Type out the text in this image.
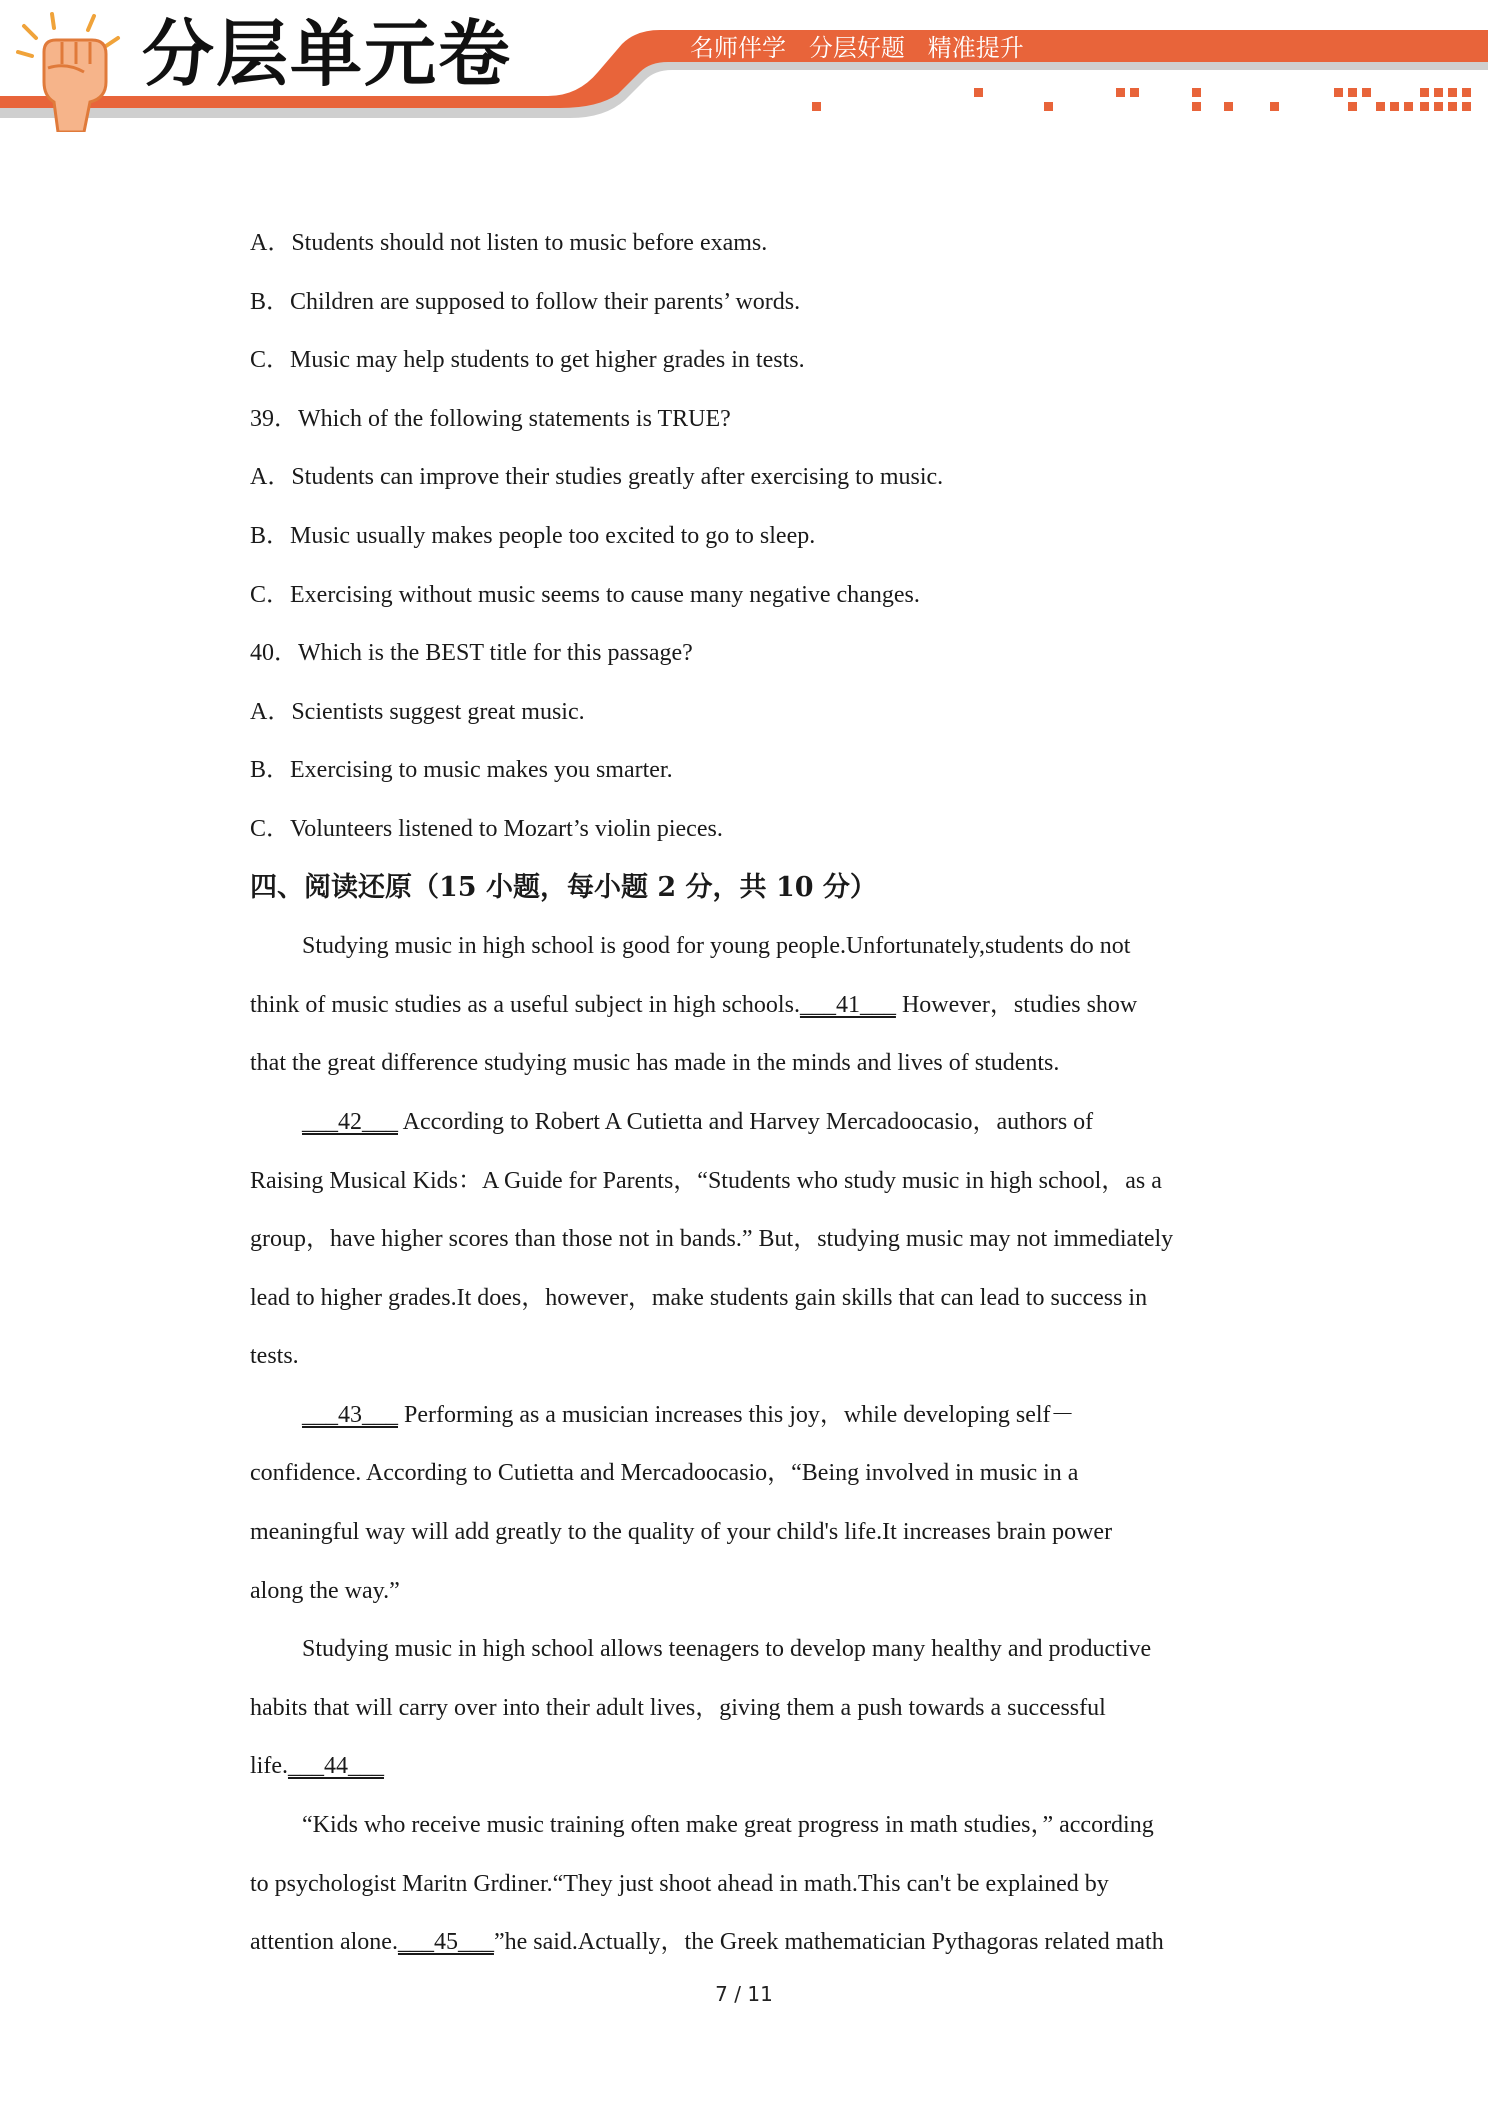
分层单元卷	名师伴学   分层好题   精准提升
A．Students should not listen to music before exams.
B．Children are supposed to follow their parents’ words.
C．Music may help students to get higher grades in tests.
39．Which of the following statements is TRUE?
A．Students can improve their studies greatly after exercising to music.
B．Music usually makes people too excited to go to sleep.
C．Exercising without music seems to cause many negative changes.
40．Which is the BEST title for this passage?
A．Scientists suggest great music.
B．Exercising to music makes you smarter.
C．Volunteers listened to Mozart’s violin pieces.
四、阅读还原（15 小题，每小题 2 分，共 10 分）
Studying music in high school is good for young people.Unfortunately,students do not
think of music studies as a useful subject in high schools.___41___ However，studies show
that the great difference studying music has made in the minds and lives of students.
___42___ According to Robert A Cutietta and Harvey Mercadoocasio，authors of
Raising Musical Kids：A Guide for Parents，“Students who study music in high school，as a
group，have higher scores than those not in bands.” But，studying music may not immediately
lead to higher grades.It does，however，make students gain skills that can lead to success in
tests.
___43___ Performing as a musician increases this joy，while developing self－
confidence. According to Cutietta and Mercadoocasio，“Being involved in music in a
meaningful way will add greatly to the quality of your child's life.It increases brain power
along the way.”
Studying music in high school allows teenagers to develop many healthy and productive
habits that will carry over into their adult lives，giving them a push towards a successful
life.___44___
“Kids who receive music training often make great progress in math studies，” according
to psychologist Maritn Grdiner.“They just shoot ahead in math.This can't be explained by
attention alone.___45___”he said.Actually，the Greek mathematician Pythagoras related math
7 / 11
